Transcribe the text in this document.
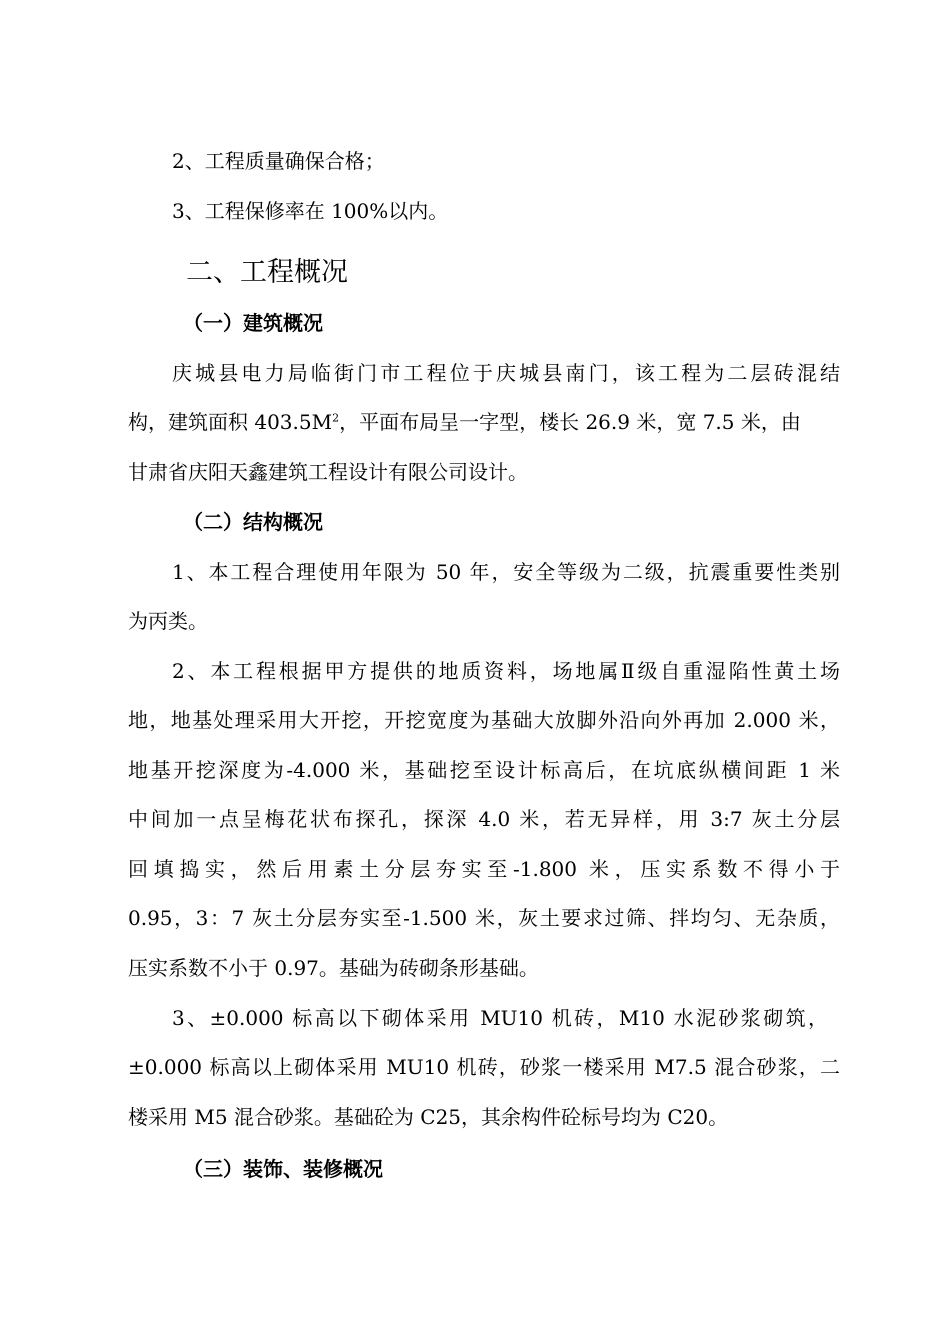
2、工程质量确保合格；
3、工程保修率在 100%以内。
二、工程概况
（一）建筑概况
庆城县电力局临街门市工程位于庆城县南门，该工程为二层砖混结
构，建筑面积 $403.5M^2$，平面布局呈一字型，楼长 26.9 米，宽 7.5 米，由
甘肃省庆阳天鑫建筑工程设计有限公司设计。
（二）结构概况
1、本工程合理使用年限为 50 年，安全等级为二级，抗震重要性类别
为丙类。
2、本工程根据甲方提供的地质资料，场地属Ⅱ级自重湿陷性黄土场
地，地基处理采用大开挖，开挖宽度为基础大放脚外沿向外再加 2.000 米，
地基开挖深度为-4.000 米，基础挖至设计标高后，在坑底纵横间距 1 米
中间加一点呈梅花状布探孔，探深 4.0 米，若无异样，用 3:7 灰土分层
回填捣实，然后用素土分层夯实至-1.800 米，压实系数不得小于
0.95，3：7 灰土分层夯实至-1.500 米，灰土要求过筛、拌均匀、无杂质，
压实系数不小于 0.97。基础为砖砌条形基础。
3、±0.000 标高以下砌体采用 MU10 机砖，M10 水泥砂浆砌筑，
±0.000 标高以上砌体采用 MU10 机砖，砂浆一楼采用 M7.5 混合砂浆，二
楼采用 M5 混合砂浆。基础砼为 C25，其余构件砼标号均为 C20。
（三）装饰、装修概况
